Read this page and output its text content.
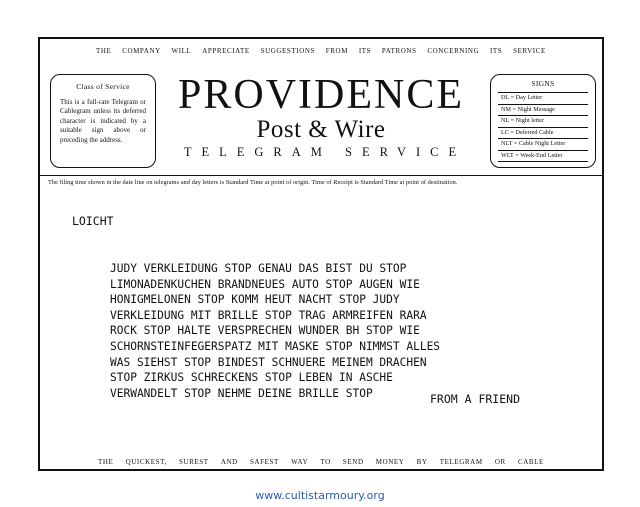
THE COMPANY WILL APPRECIATE SUGGESTIONS FROM ITS PATRONS CONCERNING ITS SERVICE
Class of Service
This is a full-rate Telegram or Cablegram unless its deferred character is indicated by a suitable sign above or preceding the address.
PROVIDENCE
Post & Wire
TELEGRAM SERVICE
SIGNS
DL = Day Letter
NM = Night Message
NL = Night letter
LC = Deferred Cable
NLT = Cable Night Letter
WLT = Week-End Letter
The filing time shown in the date line on telegrams and day letters is Standard Time at point of origin. Time of Receipt is Standard Time at point of destination.
LOICHT
JUDY VERKLEIDUNG STOP GENAU DAS BIST DU STOP
LIMONADENKUCHEN BRANDNEUES AUTO STOP AUGEN WIE
HONIGMELONEN STOP KOMM HEUT NACHT STOP JUDY
VERKLEIDUNG MIT BRILLE STOP TRAG ARMREIFEN RARA
ROCK STOP HALTE VERSPRECHEN WUNDER BH STOP WIE
SCHORNSTEINFEGERSPATZ MIT MASKE STOP NIMMST ALLES
WAS SIEHST STOP BINDEST SCHNUERE MEINEM DRACHEN
STOP ZIRKUS SCHRECKENS STOP LEBEN IN ASCHE
VERWANDELT STOP NEHME DEINE BRILLE STOP	FROM A FRIEND
THE QUICKEST, SUREST AND SAFEST WAY TO SEND MONEY BY TELEGRAM OR CABLE
www.cultistarmoury.org
